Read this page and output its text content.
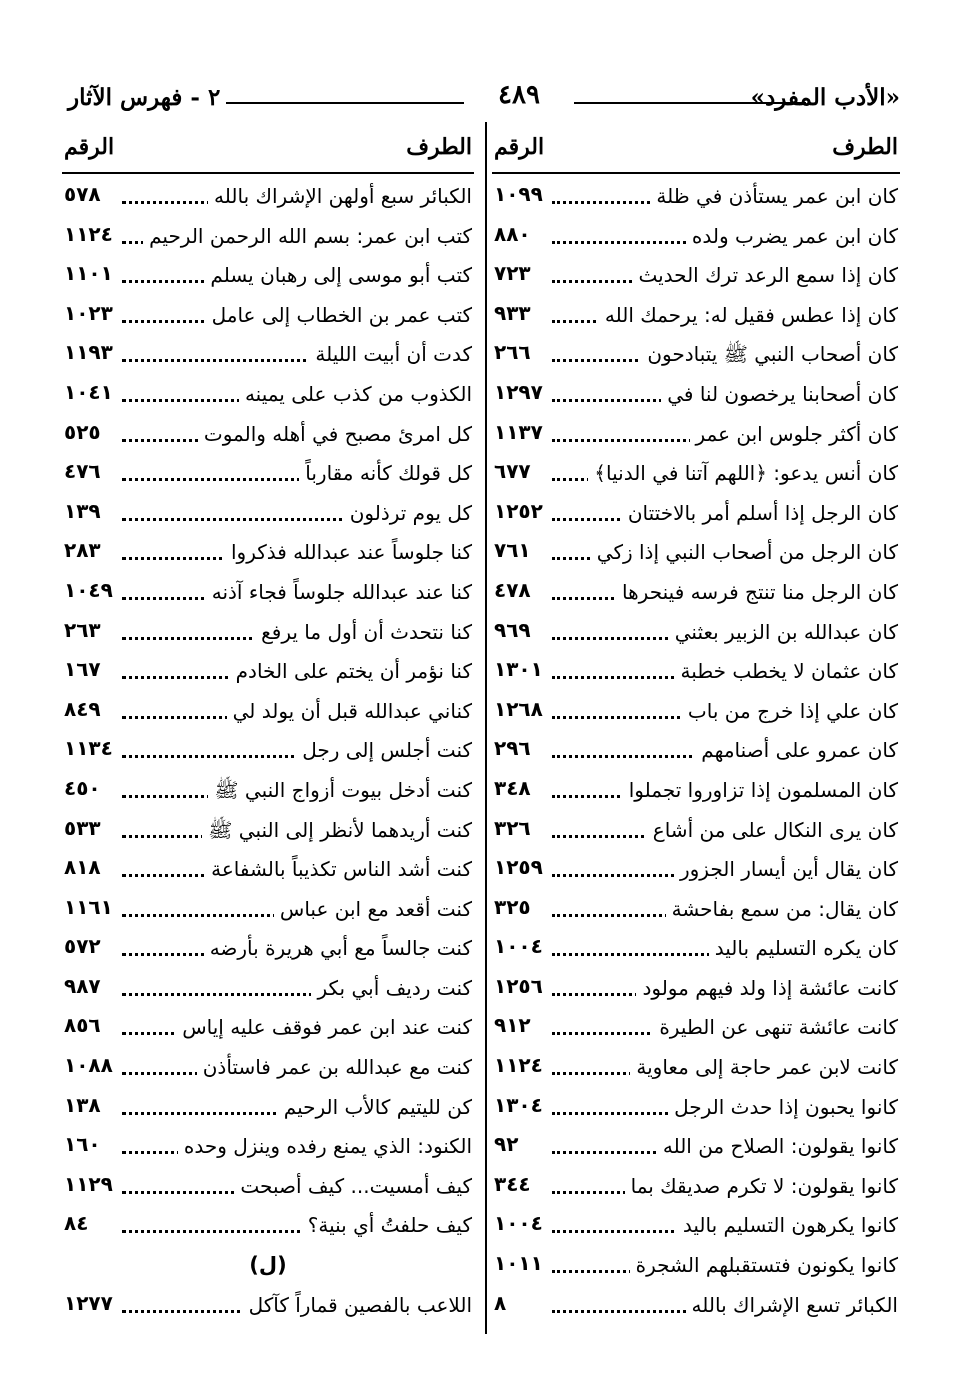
«الأدب المفرد»
٤٨٩
٢ - فهرس الآثار
الطرف
الرقم
كان ابن عمر يستأذن في ظلة
١٠٩٩
كان ابن عمر يضرب ولده
٨٨٠
كان إذا سمع الرعد ترك الحديث
٧٢٣
كان إذا عطس فقيل له: يرحمك الله
٩٣٣
كان أصحاب النبي ﷺ يتبادحون
٢٦٦
كان أصحابنا يرخصون لنا في
١٢٩٧
كان أكثر جلوس ابن عمر
١١٣٧
كان أنس يدعو: ﴿اللهم آتنا في الدنيا﴾
٦٧٧
كان الرجل إذا أسلم أمر بالاختتان
١٢٥٢
كان الرجل من أصحاب النبي إذا زكي
٧٦١
كان الرجل منا تنتج فرسه فينحرها
٤٧٨
كان عبدالله بن الزبير بعثني
٩٦٩
كان عثمان لا يخطب خطبة
١٣٠١
كان علي إذا خرج من باب
١٢٦٨
كان عمرو على أصنامهم
٢٩٦
كان المسلمون إذا تزاوروا تجملوا
٣٤٨
كان يرى النكال على من أشاع
٣٢٦
كان يقال أين أيسار الجزور
١٢٥٩
كان يقال: من سمع بفاحشة
٣٢٥
كان يكره التسليم باليد
١٠٠٤
كانت عائشة إذا ولد فيهم مولود
١٢٥٦
كانت عائشة تنهى عن الطيرة
٩١٢
كانت لابن عمر حاجة إلى معاوية
١١٢٤
كانوا يحبون إذا حدث الرجل
١٣٠٤
كانوا يقولون: الصلاح من الله
٩٢
كانوا يقولون: لا تكرم صديقك بما
٣٤٤
كانوا يكرهون التسليم باليد
١٠٠٤
كانوا يكونون فتستقبلهم الشجرة
١٠١١
الكبائر تسع الإشراك بالله
٨
الطرف
الرقم
الكبائر سبع أولهن الإشراك بالله
٥٧٨
كتب ابن عمر: بسم الله الرحمن الرحيم
١١٢٤
كتب أبو موسى إلى رهبان يسلم
١١٠١
كتب عمر بن الخطاب إلى عامل
١٠٢٣
كدت أن أبيت الليلة
١١٩٣
الكذوب من كذب على يمينه
١٠٤١
كل امرئ مصبح في أهله والموت
٥٢٥
كل قولك كأنه مقارباً
٤٧٦
كل يوم ترذلون
١٣٩
كنا جلوساً عند عبدالله فذكروا
٢٨٣
كنا عند عبدالله جلوساً فجاء آذنه
١٠٤٩
كنا نتحدث أن أول ما يرفع
٢٦٣
كنا نؤمر أن يختم على الخادم
١٦٧
كناني عبدالله قبل أن يولد لي
٨٤٩
كنت أجلس إلى رجل
١١٣٤
كنت أدخل بيوت أزواج النبي ﷺ
٤٥٠
كنت أريدهما لأنظر إلى النبي ﷺ
٥٣٣
كنت أشد الناس تكذيباً بالشفاعة
٨١٨
كنت أقعد مع ابن عباس
١١٦١
كنت جالساً مع أبي هريرة بأرضه
٥٧٢
كنت رديف أبي بكر
٩٨٧
كنت عند ابن عمر فوقف عليه إياس
٨٥٦
كنت مع عبدالله بن عمر فاستأذن
١٠٨٨
كن لليتيم كالأب الرحيم
١٣٨
الكنود: الذي يمنع رفده وينزل وحده
١٦٠
كيف أمسيت... كيف أصبحت
١١٢٩
كيف حلفتُ أي بنية؟
٨٤
(ل)
اللاعب بالفصين قماراً كآكل
١٢٧٧
